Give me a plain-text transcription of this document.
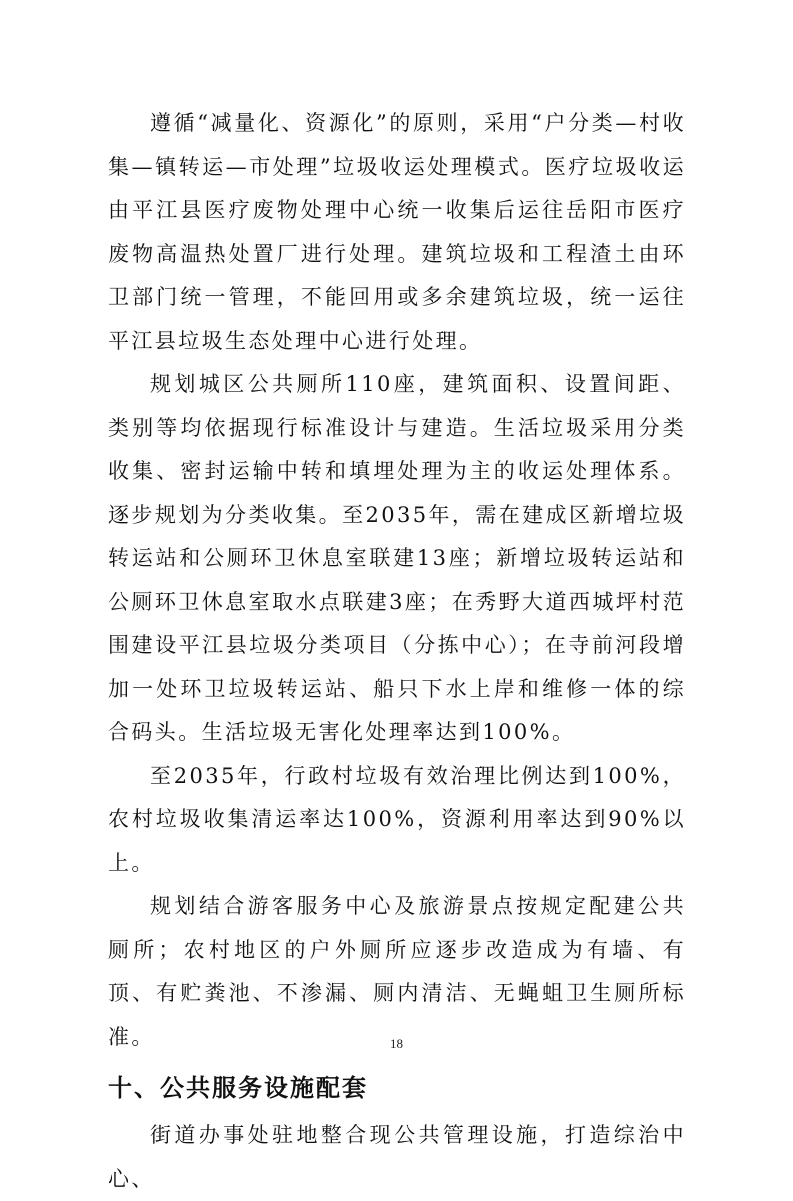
遵循“减量化、资源化”的原则，采用“户分类—村收集—镇转运—市处理”垃圾收运处理模式。医疗垃圾收运由平江县医疗废物处理中心统一收集后运往岳阳市医疗废物高温热处置厂进行处理。建筑垃圾和工程渣土由环卫部门统一管理，不能回用或多余建筑垃圾，统一运往平江县垃圾生态处理中心进行处理。

规划城区公共厕所110座，建筑面积、设置间距、类别等均依据现行标准设计与建造。生活垃圾采用分类收集、密封运输中转和填埋处理为主的收运处理体系。逐步规划为分类收集。至2035年，需在建成区新增垃圾转运站和公厕环卫休息室联建13座；新增垃圾转运站和公厕环卫休息室取水点联建3座；在秀野大道西城坪村范围建设平江县垃圾分类项目（分拣中心）；在寺前河段增加一处环卫垃圾转运站、船只下水上岸和维修一体的综合码头。生活垃圾无害化处理率达到100%。

至2035年，行政村垃圾有效治理比例达到100%，农村垃圾收集清运率达100%，资源利用率达到90%以上。

规划结合游客服务中心及旅游景点按规定配建公共厕所；农村地区的户外厕所应逐步改造成为有墙、有顶、有贮粪池、不渗漏、厕内清洁、无蝇蛆卫生厕所标准。

十、公共服务设施配套

街道办事处驻地整合现公共管理设施，打造综治中心、

18
